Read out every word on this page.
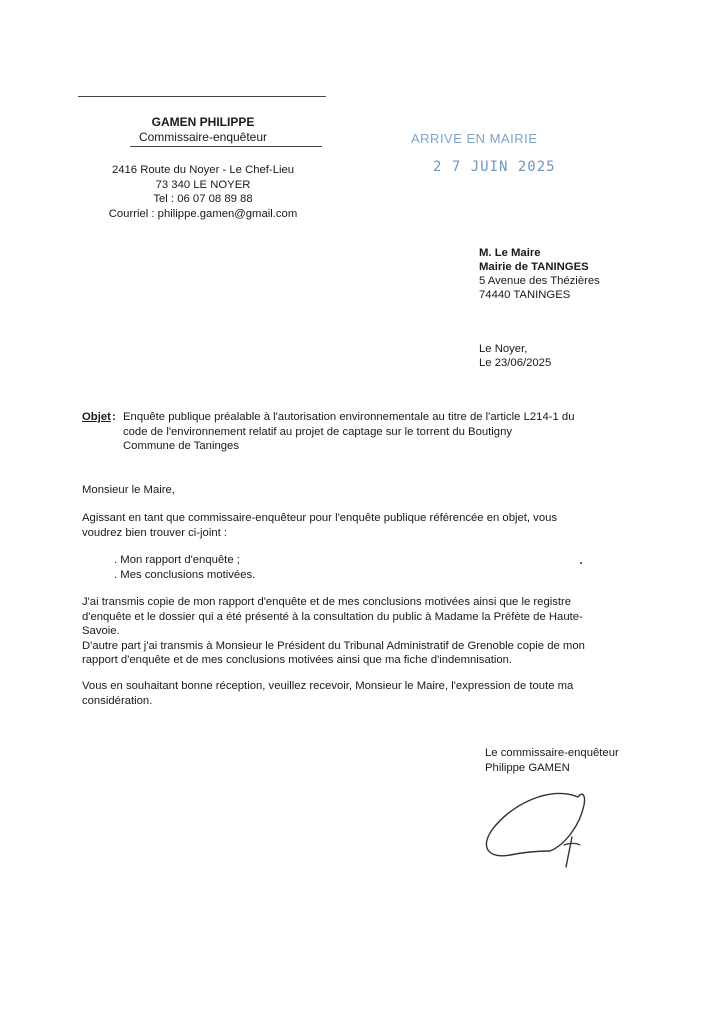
GAMEN PHILIPPE
Commissaire-enquêteur
2416 Route du Noyer - Le Chef-Lieu
73 340 LE NOYER
Tel : 06 07 08 89 88
Courriel : philippe.gamen@gmail.com
ARRIVE EN MAIRIE
2 7 JUIN 2025
M. Le Maire
Mairie de TANINGES
5 Avenue des Thézières
74440 TANINGES
Le Noyer,
Le 23/06/2025
Objet : Enquête publique préalable à l'autorisation environnementale au titre de l'article L214-1 du
code de l'environnement relatif au projet de captage sur le torrent du Boutigny
Commune de Taninges
Monsieur le Maire,
Agissant en tant que commissaire-enquêteur pour l'enquête publique référencée en objet, vous
voudrez bien trouver ci-joint :
. Mon rapport d'enquête ;
. Mes conclusions motivées.
J'ai transmis copie de mon rapport d'enquête et de mes conclusions motivées ainsi que le registre
d'enquête et le dossier qui a été présenté à la consultation du public à Madame la Préfète de Haute-
Savoie.
D'autre part j'ai transmis à Monsieur le Président du Tribunal Administratif de Grenoble copie de mon
rapport d'enquête et de mes conclusions motivées ainsi que ma fiche d'indemnisation.
Vous en souhaitant bonne réception, veuillez recevoir, Monsieur le Maire, l'expression de toute ma
considération.
Le commissaire-enquêteur
Philippe GAMEN
